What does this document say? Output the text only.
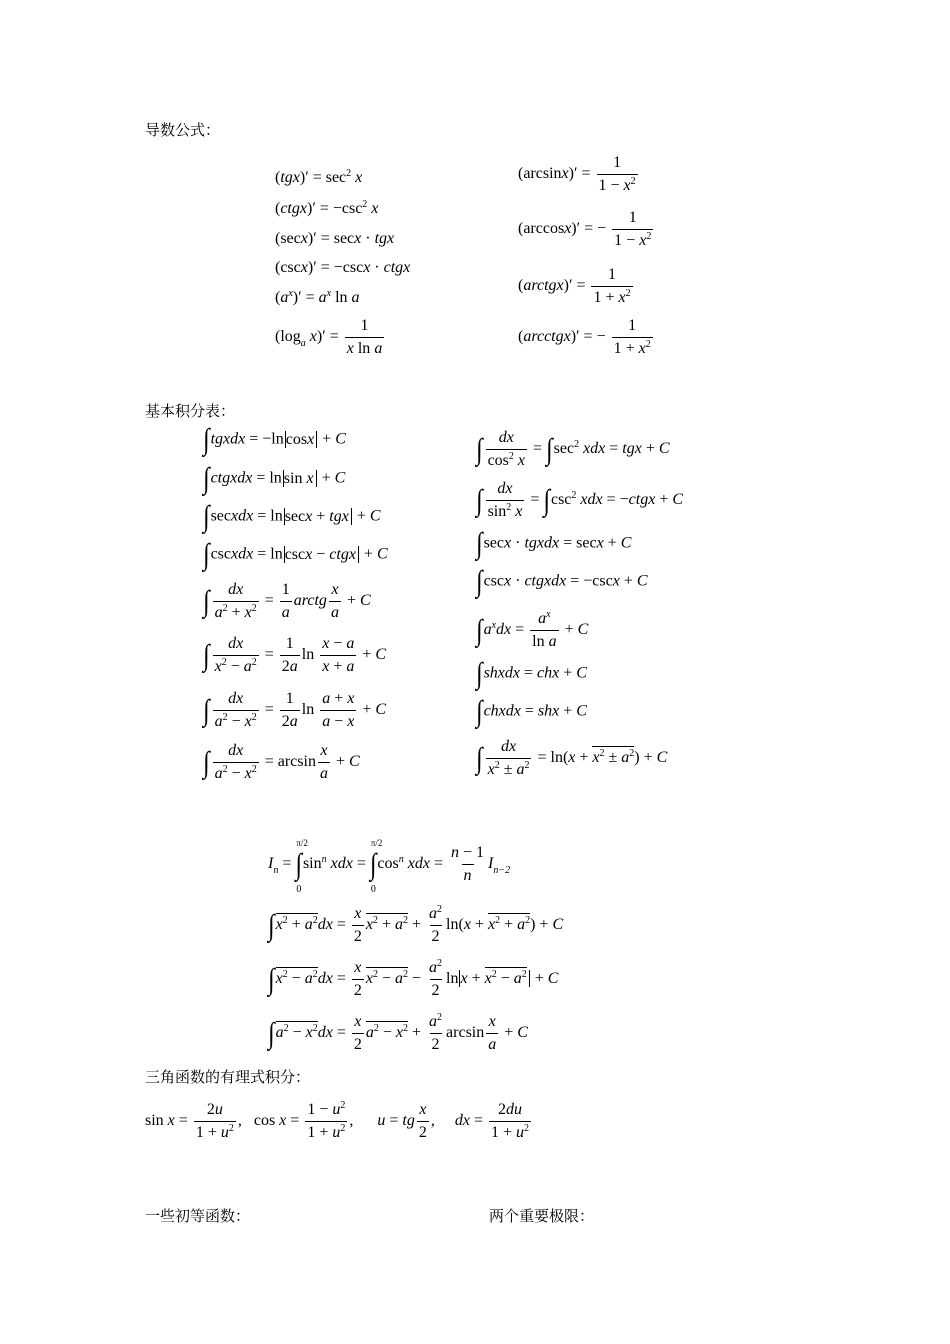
导数公式：
$(tgx)' = \sec^2 x$
(ctgx)′ = $-\csc^2$ x
(secx)′ = secx · tgx
(cscx)′ = −cscx · ctgx
$(a^x)' = a^x$ ln a
($\log_a$ $x)' = \frac{1}{\text{x ln a}}$
$(\arcsin x)' = \frac{1}{1 - x^2}$
(arccosx)′ = − $\frac{1}{1 - x^2}$
(arctgx)′ = $\frac{1}{1 + x^2}$
(arcctgx)′ = − $\frac{1}{1 + x^2}$
基本积分表：
∫tgxdx = −ln cosx + C
∫ctgxdx = ln sin x + C
∫secxdx = ln secx + tgx + C
∫cscxdx = ln cscx − ctgx + C
∫ $\frac{dx}{a^2 + x^2} = \frac{1}{a}$ arctg $\frac{x}{a} + C$
∫ $\frac{dx}{x^2 - a^2} = \frac{1}{2a}$ $\ln \frac{x - a}{x + a} + C$
∫ $\frac{dx}{a^2 - x^2} = \frac{1}{2a}$ $\ln \frac{a + x}{a - x} + C$
∫ $\frac{dx}{a^2 - x^2} = \arcsin \frac{x}{a} + C$
∫ $\frac{dx}{\cos^2 x} = \int\sec^2$ xdx = tgx + C
∫ $\frac{dx}{\sin^2 x} = \int\csc^2$ xdx = −ctgx + C
∫secx · tgxdx = secx + C
∫cscx · ctgxdx = −cscx + C
$\int a^xdx = \frac{a^x}{\text{ln a}} + C$
∫shxdx = chx + C
∫chxdx = shx + C
∫ $\frac{dx}{x^2 \pm a^2} = \ln(x + x^2 \pm a^2) + C$
$I_n$ =
π/2
∫
0
$\sin^n$ xdx =
π/2
∫
0
$\cos^n$ xdx = $\frac{n - 1}{n} I_{n-2}$
$\int x^2 + a^2dx = \frac{x}{2} x^2 + a^2 + \frac{a^2}{2} \ln(x + x^2 + a^2) + C$
$\int x^2 - a^2dx = \frac{x}{2} x^2 - a^2 - \frac{a^2}{2}$ $\ln x + x^2 - a^2 + C$
$\int a^2 - x^2dx = \frac{x}{2} a^2 - x^2 + \frac{a^2}{2}$ $\arcsin \frac{x}{a} + C$
三角函数的有理式积分：
$\sin x = \frac{2u}{1 + u^2}$ ,   $\cos x = \frac{1 - u^2}{1 + u^2}$ ,      u = tg $\frac{x}{2}$ ,     dx = $\frac{2du}{1 + u^2}$
一些初等函数：	两个重要极限：
